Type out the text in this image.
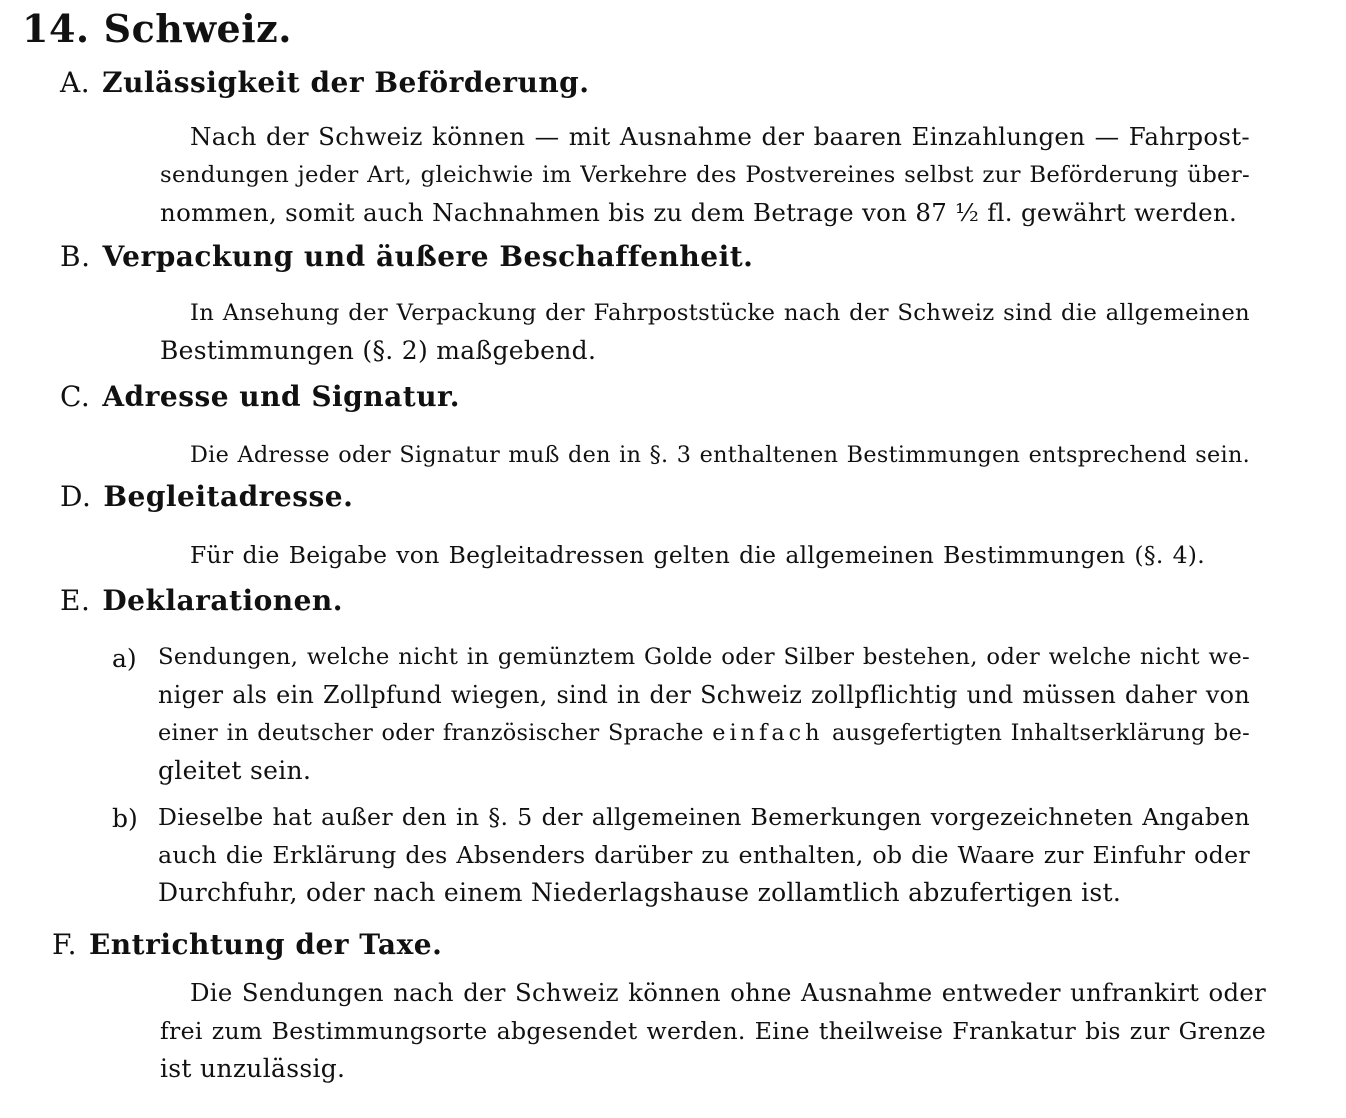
14. Schweiz.
A. Zulässigkeit der Beförderung.
Nach der Schweiz können — mit Ausnahme der baaren Einzahlungen — Fahrpost-
sendungen jeder Art, gleichwie im Verkehre des Postvereines selbst zur Beförderung über-
nommen, somit auch Nachnahmen bis zu dem Betrage von 87 ½ fl. gewährt werden.
B. Verpackung und äußere Beschaffenheit.
In Ansehung der Verpackung der Fahrpoststücke nach der Schweiz sind die allgemeinen
Bestimmungen (§. 2) maßgebend.
C. Adresse und Signatur.
Die Adresse oder Signatur muß den in §. 3 enthaltenen Bestimmungen entsprechend sein.
D. Begleitadresse.
Für die Beigabe von Begleitadressen gelten die allgemeinen Bestimmungen (§. 4).
E. Deklarationen.
a) Sendungen, welche nicht in gemünztem Golde oder Silber bestehen, oder welche nicht we-
niger als ein Zollpfund wiegen, sind in der Schweiz zollpflichtig und müssen daher von
einer in deutscher oder französischer Sprache einfach ausgefertigten Inhaltserklärung be-
gleitet sein.
b) Dieselbe hat außer den in §. 5 der allgemeinen Bemerkungen vorgezeichneten Angaben
auch die Erklärung des Absenders darüber zu enthalten, ob die Waare zur Einfuhr oder
Durchfuhr, oder nach einem Niederlagshause zollamtlich abzufertigen ist.
F. Entrichtung der Taxe.
Die Sendungen nach der Schweiz können ohne Ausnahme entweder unfrankirt oder
frei zum Bestimmungsorte abgesendet werden. Eine theilweise Frankatur bis zur Grenze
ist unzulässig.
